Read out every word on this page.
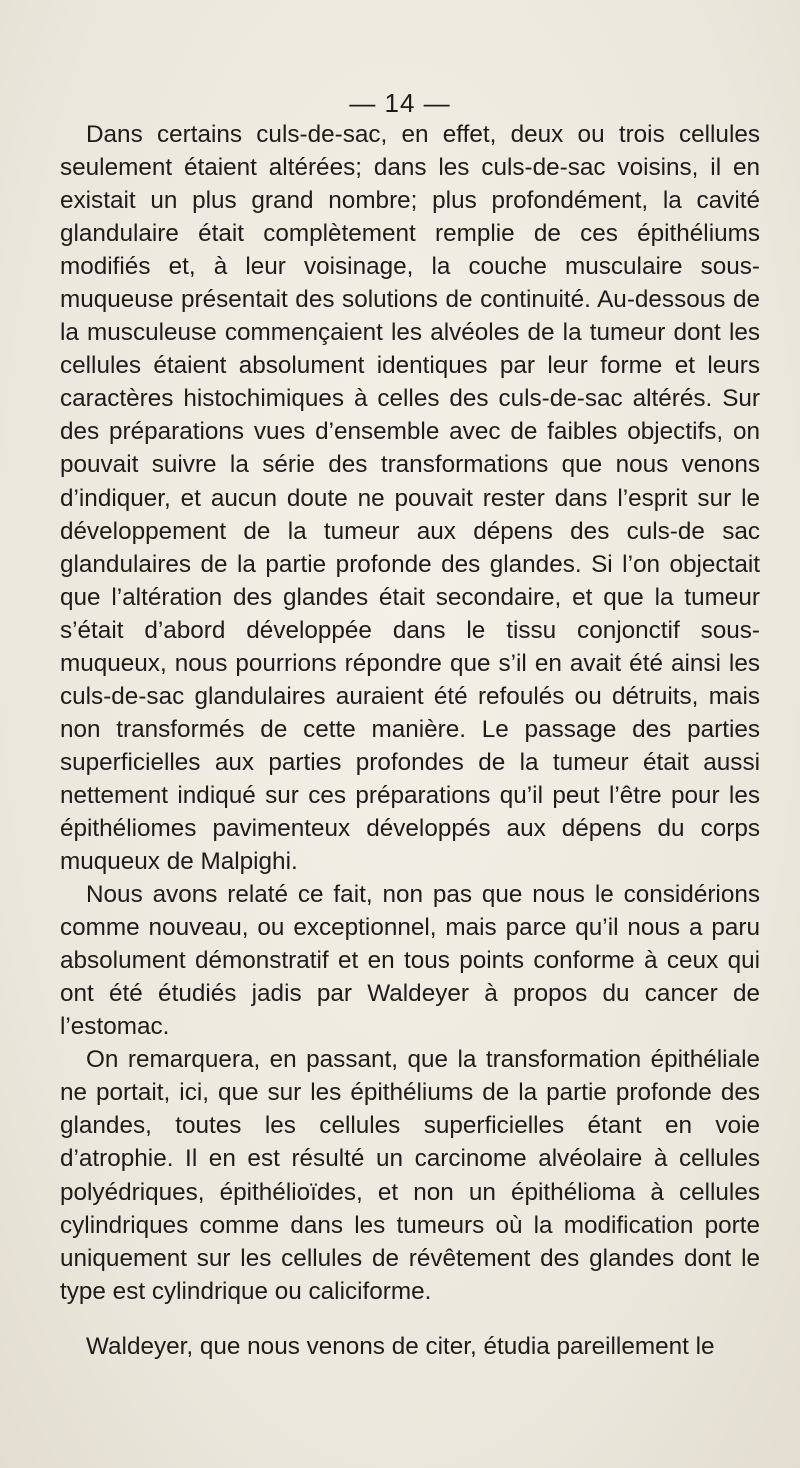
— 14 —

Dans certains culs-de-sac, en effet, deux ou trois cellules seulement étaient altérées; dans les culs-de-sac voisins, il en existait un plus grand nombre; plus profondément, la cavité glandulaire était complètement remplie de ces épithéliums modifiés et, à leur voisinage, la couche musculaire sous-muqueuse présentait des solutions de continuité. Au-dessous de la musculeuse commençaient les alvéoles de la tumeur dont les cellules étaient absolument identiques par leur forme et leurs caractères histochimiques à celles des culs-de-sac altérés. Sur des préparations vues d’ensemble avec de faibles objectifs, on pouvait suivre la série des transformations que nous venons d’indiquer, et aucun doute ne pouvait rester dans l’esprit sur le développement de la tumeur aux dépens des culs-de sac glandulaires de la partie profonde des glandes. Si l’on objectait que l’altération des glandes était secondaire, et que la tumeur s’était d’abord développée dans le tissu conjonctif sous-muqueux, nous pourrions répondre que s’il en avait été ainsi les culs-de-sac glandulaires auraient été refoulés ou détruits, mais non transformés de cette manière. Le passage des parties superficielles aux parties profondes de la tumeur était aussi nettement indiqué sur ces préparations qu’il peut l’être pour les épithéliomes pavimenteux développés aux dépens du corps muqueux de Malpighi.

Nous avons relaté ce fait, non pas que nous le considérions comme nouveau, ou exceptionnel, mais parce qu’il nous a paru absolument démonstratif et en tous points conforme à ceux qui ont été étudiés jadis par Waldeyer à propos du cancer de l’estomac.

On remarquera, en passant, que la transformation épithéliale ne portait, ici, que sur les épithéliums de la partie profonde des glandes, toutes les cellules superficielles étant en voie d’atrophie. Il en est résulté un carcinome alvéolaire à cellules polyédriques, épithélioïdes, et non un épithélioma à cellules cylindriques comme dans les tumeurs où la modification porte uniquement sur les cellules de révêtement des glandes dont le type est cylindrique ou caliciforme.

Waldeyer, que nous venons de citer, étudia pareillement le
